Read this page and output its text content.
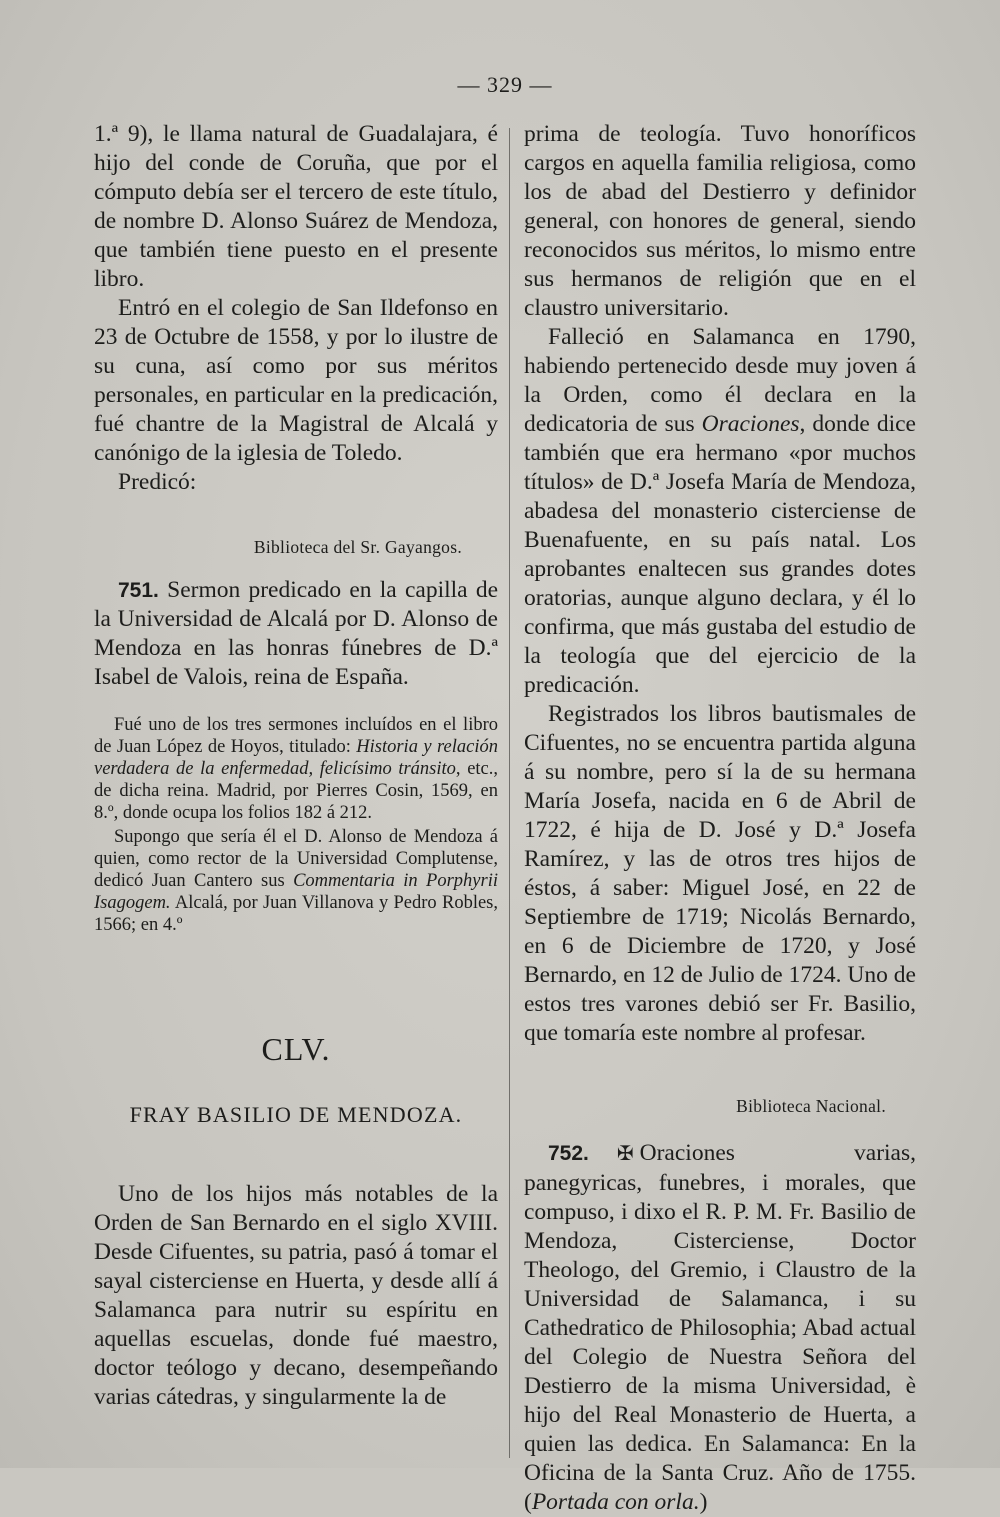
— 329 —

1.ª 9), le llama natural de Guadalajara, é hijo del conde de Coruña, que por el cómputo debía ser el tercero de este título, de nombre D. Alonso Suárez de Mendoza, que también tiene puesto en el presente libro.

Entró en el colegio de San Ildefonso en 23 de Octubre de 1558, y por lo ilustre de su cuna, así como por sus méritos personales, en particular en la predicación, fué chantre de la Magistral de Alcalá y canónigo de la iglesia de Toledo.

Predicó:

Biblioteca del Sr. Gayangos.

751. Sermon predicado en la capilla de la Universidad de Alcalá por D. Alonso de Mendoza en las honras fúnebres de D.ª Isabel de Valois, reina de España.

Fué uno de los tres sermones incluídos en el libro de Juan López de Hoyos, titulado: Historia y relación verdadera de la enfermedad, felicísimo tránsito, etc., de dicha reina. Madrid, por Pierres Cosin, 1569, en 8.º, donde ocupa los folios 182 á 212.

Supongo que sería él el D. Alonso de Mendoza á quien, como rector de la Universidad Complutense, dedicó Juan Cantero sus Commentaria in Porphyrii Isagogem. Alcalá, por Juan Villanova y Pedro Robles, 1566; en 4.º

CLV.

FRAY BASILIO DE MENDOZA.

Uno de los hijos más notables de la Orden de San Bernardo en el siglo XVIII. Desde Cifuentes, su patria, pasó á tomar el sayal cisterciense en Huerta, y desde allí á Salamanca para nutrir su espíritu en aquellas escuelas, donde fué maestro, doctor teólogo y decano, desempeñando varias cátedras, y singularmente la de

prima de teología. Tuvo honoríficos cargos en aquella familia religiosa, como los de abad del Destierro y definidor general, con honores de general, siendo reconocidos sus méritos, lo mismo entre sus hermanos de religión que en el claustro universitario.

Falleció en Salamanca en 1790, habiendo pertenecido desde muy joven á la Orden, como él declara en la dedicatoria de sus Oraciones, donde dice también que era hermano «por muchos títulos» de D.ª Josefa María de Mendoza, abadesa del monasterio cisterciense de Buenafuente, en su país natal. Los aprobantes enaltecen sus grandes dotes oratorias, aunque alguno declara, y él lo confirma, que más gustaba del estudio de la teología que del ejercicio de la predicación.

Registrados los libros bautismales de Cifuentes, no se encuentra partida alguna á su nombre, pero sí la de su hermana María Josefa, nacida en 6 de Abril de 1722, é hija de D. José y D.ª Josefa Ramírez, y las de otros tres hijos de éstos, á saber: Miguel José, en 22 de Septiembre de 1719; Nicolás Bernardo, en 6 de Diciembre de 1720, y José Bernardo, en 12 de Julio de 1724. Uno de estos tres varones debió ser Fr. Basilio, que tomaría este nombre al profesar.

Biblioteca Nacional.

752. ✠ Oraciones varias, panegyricas, funebres, i morales, que compuso, i dixo el R. P. M. Fr. Basilio de Mendoza, Cisterciense, Doctor Theologo, del Gremio, i Claustro de la Universidad de Salamanca, i su Cathedratico de Philosophia; Abad actual del Colegio de Nuestra Señora del Destierro de la misma Universidad, è hijo del Real Monasterio de Huerta, a quien las dedica. En Salamanca: En la Oficina de la Santa Cruz. Año de 1755. (Portada con orla.)
